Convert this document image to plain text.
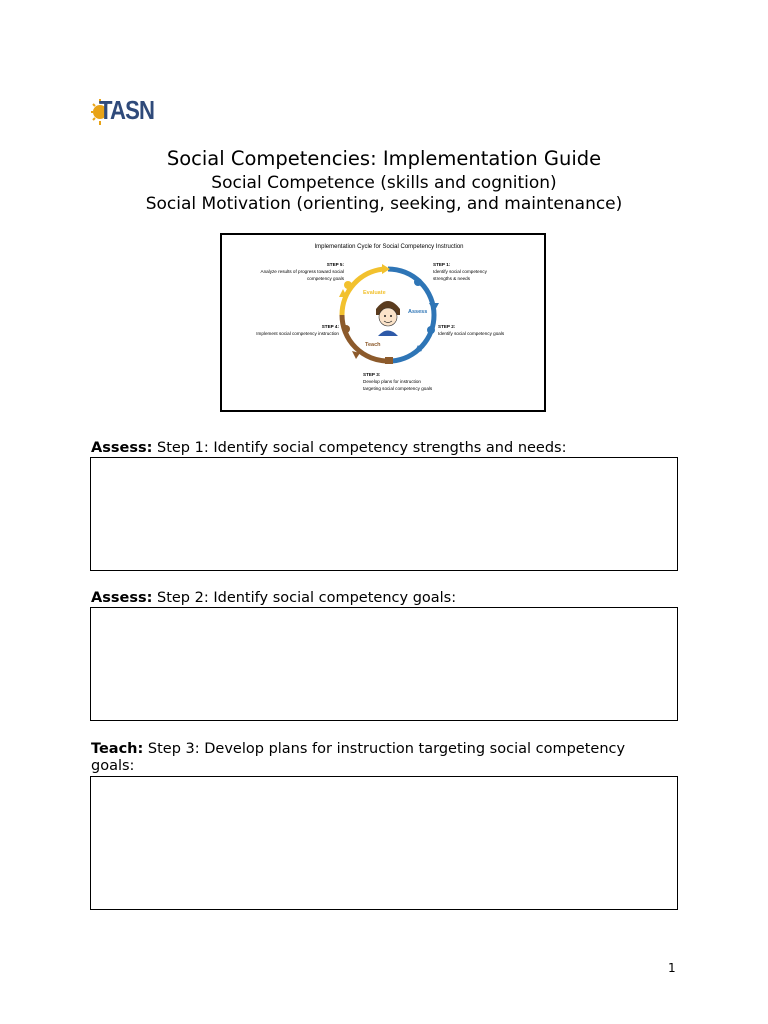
TASN
Social Competencies: Implementation Guide
Social Competence (skills and cognition)
Social Motivation (orienting, seeking, and maintenance)
Implementation Cycle for Social Competency Instruction
Evaluate
Assess
Teach
STEP 5:
Analyze results of progress toward social
competency goals
STEP 1:
Identify social competency
strengths & needs
STEP 2:
Identify social competency goals
STEP 4:
Implement social competency instruction
STEP 3:
Develop plans for instruction
targeting social competency goals
Assess: Step 1: Identify social competency strengths and needs:
Assess: Step 2: Identify social competency goals:
Teach: Step 3: Develop plans for instruction targeting social competency goals:
1
